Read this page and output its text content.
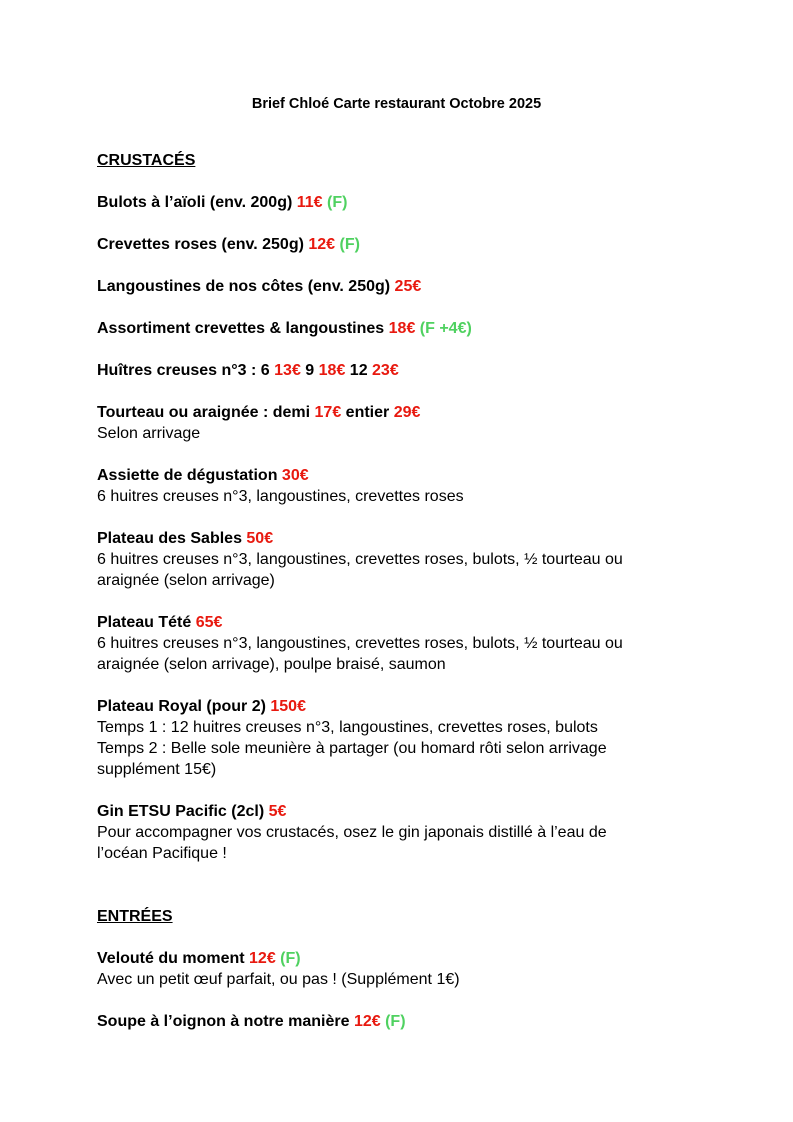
Brief Chloé Carte restaurant Octobre 2025
CRUSTACÉS
Bulots à l’aïoli (env. 200g) 11€ (F)
Crevettes roses (env. 250g) 12€ (F)
Langoustines de nos côtes (env. 250g) 25€
Assortiment crevettes & langoustines 18€ (F +4€)
Huîtres creuses n°3 : 6 13€ 9 18€ 12 23€
Tourteau ou araignée : demi 17€ entier 29€
Selon arrivage
Assiette de dégustation 30€
6 huitres creuses n°3, langoustines, crevettes roses
Plateau des Sables 50€
6 huitres creuses n°3, langoustines, crevettes roses, bulots, ½ tourteau ou
araignée (selon arrivage)
Plateau Tété 65€
6 huitres creuses n°3, langoustines, crevettes roses, bulots, ½ tourteau ou
araignée (selon arrivage), poulpe braisé, saumon
Plateau Royal (pour 2) 150€
Temps 1 : 12 huitres creuses n°3, langoustines, crevettes roses, bulots
Temps 2 : Belle sole meunière à partager (ou homard rôti selon arrivage
supplément 15€)
Gin ETSU Pacific (2cl) 5€
Pour accompagner vos crustacés, osez le gin japonais distillé à l’eau de
l’océan Pacifique !
ENTRÉES
Velouté du moment 12€ (F)
Avec un petit œuf parfait, ou pas ! (Supplément 1€)
Soupe à l’oignon à notre manière 12€ (F)
